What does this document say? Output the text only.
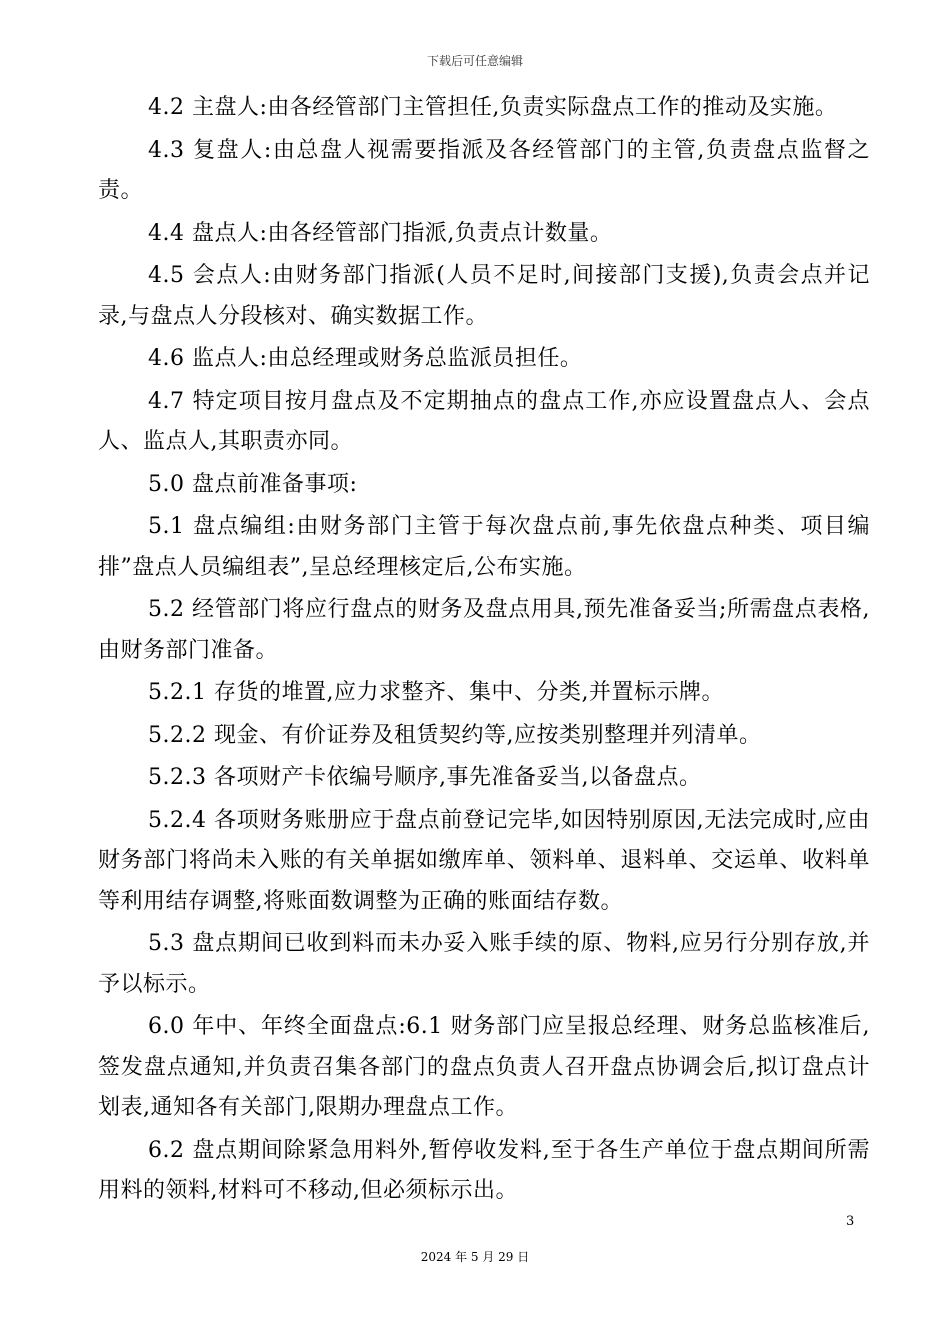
下载后可任意编辑

4.2 主盘人:由各经管部门主管担任,负责实际盘点工作的推动及实施。

4.3 复盘人:由总盘人视需要指派及各经管部门的主管,负责盘点监督之责。

4.4 盘点人:由各经管部门指派,负责点计数量。

4.5 会点人:由财务部门指派(人员不足时,间接部门支援),负责会点并记录,与盘点人分段核对、确实数据工作。

4.6 监点人:由总经理或财务总监派员担任。

4.7 特定项目按月盘点及不定期抽点的盘点工作,亦应设置盘点人、会点人、监点人,其职责亦同。

5.0 盘点前准备事项:

5.1 盘点编组:由财务部门主管于每次盘点前,事先依盘点种类、项目编排”盘点人员编组表”,呈总经理核定后,公布实施。

5.2 经管部门将应行盘点的财务及盘点用具,预先准备妥当;所需盘点表格,由财务部门准备。

5.2.1 存货的堆置,应力求整齐、集中、分类,并置标示牌。

5.2.2 现金、有价证券及租赁契约等,应按类别整理并列清单。

5.2.3 各项财产卡依编号顺序,事先准备妥当,以备盘点。

5.2.4 各项财务账册应于盘点前登记完毕,如因特别原因,无法完成时,应由财务部门将尚未入账的有关单据如缴库单、领料单、退料单、交运单、收料单等利用结存调整,将账面数调整为正确的账面结存数。

5.3 盘点期间已收到料而未办妥入账手续的原、物料,应另行分别存放,并予以标示。

6.0 年中、年终全面盘点:6.1 财务部门应呈报总经理、财务总监核准后,签发盘点通知,并负责召集各部门的盘点负责人召开盘点协调会后,拟订盘点计划表,通知各有关部门,限期办理盘点工作。

6.2 盘点期间除紧急用料外,暂停收发料,至于各生产单位于盘点期间所需用料的领料,材料可不移动,但必须标示出。

3
2024 年 5 月 29 日
